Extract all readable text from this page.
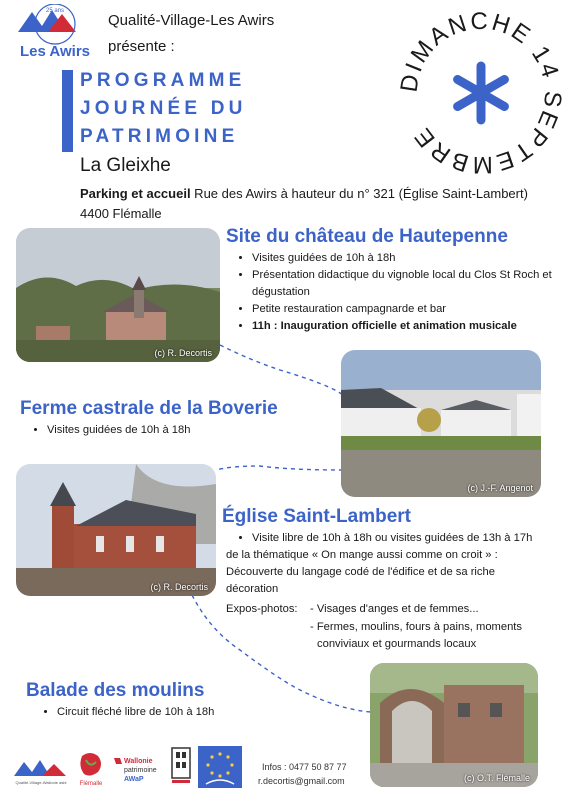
25 ans
Les Awirs
Qualité-Village-Les Awirs
présente :
PROGRAMME
JOURNÉE DU
PATRIMOINE
La Gleixhe
Parking et accueil Rue des Awirs à hauteur du n° 321 (Église Saint-Lambert)
4400 Flémalle
DIMANCHE 14 SEPTEMBRE
(c) R. Decortis
Site du château de Hautepenne
• Visites guidées de 10h à 18h
• Présentation didactique du vignoble local du Clos St Roch et dégustation
• Petite restauration campagnarde et bar
• 11h : Inauguration officielle et animation musicale
(c) J.-F. Angenot
Ferme castrale de la Boverie
• Visites guidées de 10h à 18h
(c) R. Decortis
Église Saint-Lambert
• Visite libre de 10h à 18h ou visites guidées de 13h à 17h
de la thématique « On mange aussi comme on croit » :
Découverte du langage codé de l'édifice et de sa riche
décoration
Expos-photos: - Visages d'anges et de femmes...
- Fermes, moulins, fours à pains, moments
conviviaux et gourmands locaux
(c) O.T. Flémalle
Balade des moulins
• Circuit fléché libre de 10h à 18h
Qualité-Village-Wallonie asbl Flémalle
Wallonie
patrimoine
AWaP
Infos : 0477 50 87 77
r.decortis@gmail.com
